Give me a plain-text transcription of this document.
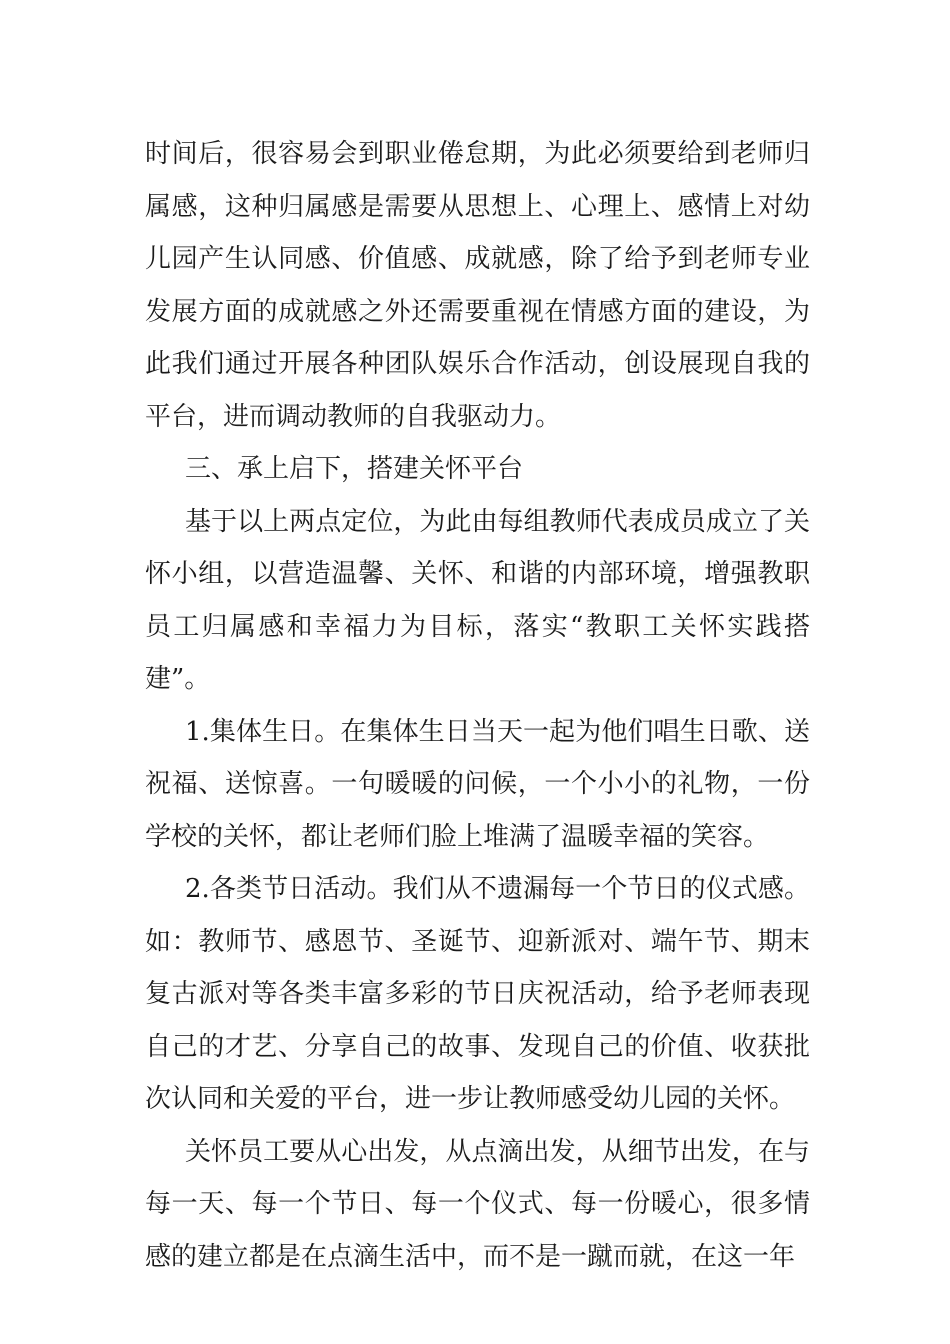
时间后，很容易会到职业倦怠期，为此必须要给到老师归属感，这种归属感是需要从思想上、心理上、感情上对幼儿园产生认同感、价值感、成就感，除了给予到老师专业发展方面的成就感之外还需要重视在情感方面的建设，为此我们通过开展各种团队娱乐合作活动，创设展现自我的平台，进而调动教师的自我驱动力。

三、承上启下，搭建关怀平台

基于以上两点定位，为此由每组教师代表成员成立了关怀小组，以营造温馨、关怀、和谐的内部环境，增强教职员工归属感和幸福力为目标，落实“教职工关怀实践搭建”。

1.集体生日。在集体生日当天一起为他们唱生日歌、送祝福、送惊喜。一句暖暖的问候，一个小小的礼物，一份学校的关怀，都让老师们脸上堆满了温暖幸福的笑容。

2.各类节日活动。我们从不遗漏每一个节日的仪式感。如：教师节、感恩节、圣诞节、迎新派对、端午节、期末复古派对等各类丰富多彩的节日庆祝活动，给予老师表现自己的才艺、分享自己的故事、发现自己的价值、收获批次认同和关爱的平台，进一步让教师感受幼儿园的关怀。

关怀员工要从心出发，从点滴出发，从细节出发，在与每一天、每一个节日、每一个仪式、每一份暖心，很多情感的建立都是在点滴生活中，而不是一蹴而就，在这一年
